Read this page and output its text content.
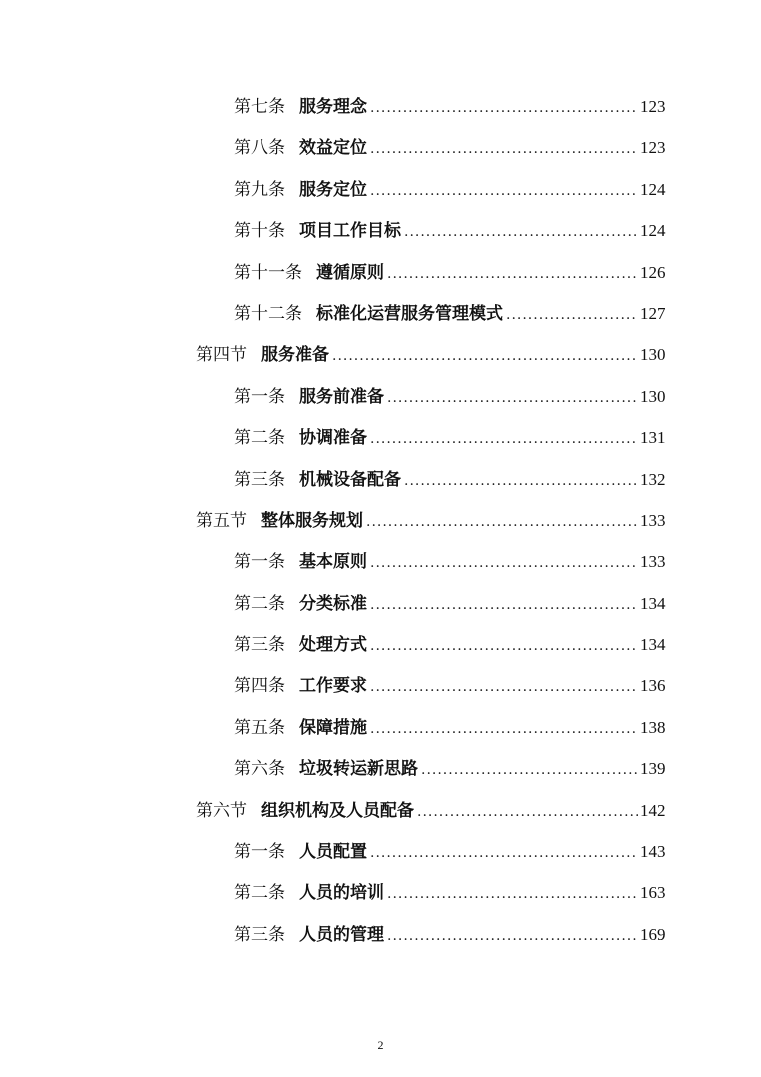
第七条 服务理念 .....	123
第八条 效益定位 .....	123
第九条 服务定位 .....	124
第十条 项目工作目标 .....	124
第十一条 遵循原则 .....	126
第十二条 标准化运营服务管理模式 .....	127
第四节 服务准备 .....	130
第一条 服务前准备 .....	130
第二条 协调准备 .....	131
第三条 机械设备配备 .....	132
第五节 整体服务规划 .....	133
第一条 基本原则 .....	133
第二条 分类标准 .....	134
第三条 处理方式 .....	134
第四条 工作要求 .....	136
第五条 保障措施 .....	138
第六条 垃圾转运新思路 .....	139
第六节 组织机构及人员配备 .....	142
第一条 人员配置 .....	143
第二条 人员的培训 .....	163
第三条 人员的管理 .....	169
2
